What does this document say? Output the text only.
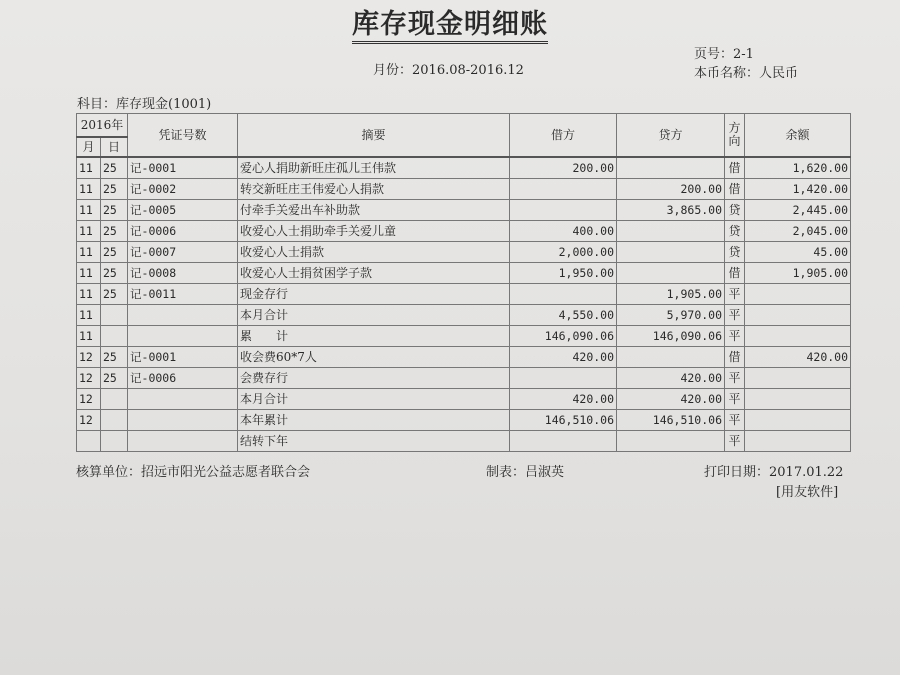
库存现金明细账
月份：2016.08-2016.12
页号：2-1
本币名称：人民币
科目：库存现金(1001)
2016年		凭证号数	摘要	借方	贷方	方向	余额
月	日						
11	25	记-0001	爱心人捐助新旺庄孤儿王伟款	200.00		借	1,620.00
11	25	记-0002	转交新旺庄王伟爱心人捐款		200.00	借	1,420.00
11	25	记-0005	付牵手关爱出车补助款		3,865.00	贷	2,445.00
11	25	记-0006	收爱心人士捐助牵手关爱儿童	400.00		贷	2,045.00
11	25	记-0007	收爱心人士捐款	2,000.00		贷	45.00
11	25	记-0008	收爱心人士捐贫困学子款	1,950.00		借	1,905.00
11	25	记-0011	现金存行		1,905.00	平	
11			本月合计	4,550.00	5,970.00	平	
11			累　　计	146,090.06	146,090.06	平	
12	25	记-0001	收会费60*7人	420.00		借	420.00
12	25	记-0006	会费存行		420.00	平	
12			本月合计	420.00	420.00	平	
12			本年累计	146,510.06	146,510.06	平	
			结转下年			平	
核算单位：招远市阳光公益志愿者联合会	制表：吕淑英	打印日期：2017.01.22
[用友软件]
